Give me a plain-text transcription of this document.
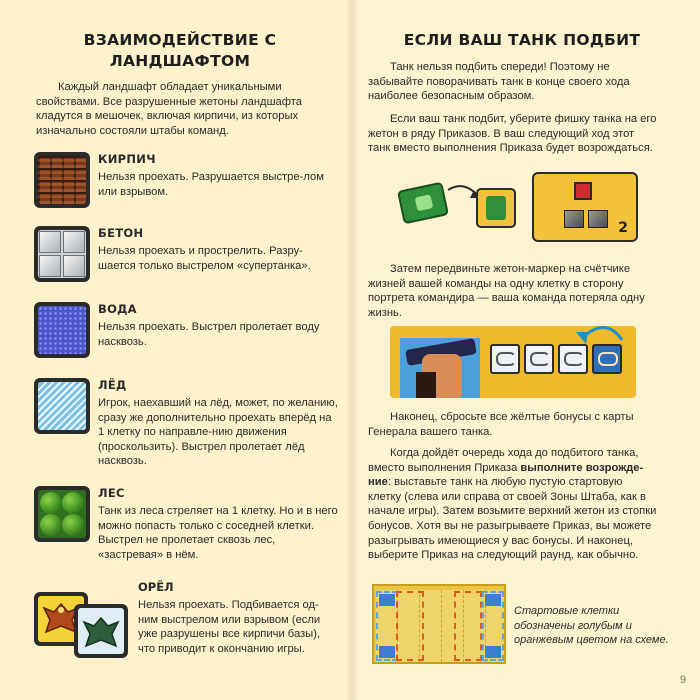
ВЗАИМОДЕЙСТВИЕ С ЛАНДШАФТОМ

Каждый ландшафт обладает уникальными свойствами. Все разрушенные жетоны ландшафта кладутся в мешочек, включая кирпичи, из которых изначально состояли штабы команд.

КИРПИЧ
Нельзя проехать. Разрушается выстре-лом или взрывом.
БЕТОН
Нельзя проехать и прострелить. Разру-шается только выстрелом «супертанка».
ВОДА
Нельзя проехать. Выстрел пролетает воду насквозь.
ЛЁД
Игрок, наехавший на лёд, может, по желанию, сразу же дополнительно проехать вперёд на 1 клетку по направле-нию движения (проскользить). Выстрел пролетает лёд насквозь.
ЛЕС
Танк из леса стреляет на 1 клетку. Но и в него можно попасть только с соседней клетки. Выстрел не пролетает сквозь лес, «застревая» в нём.
ОРЁЛ
Нельзя проехать. Подбивается од-ним выстрелом или взрывом (если уже разрушены все кирпичи базы), что приводит к окончанию игры.
ЕСЛИ ВАШ ТАНК ПОДБИТ

Танк нельзя подбить спереди! Поэтому не забывайте поворачивать танк в конце своего хода наиболее безопасным образом.

Если ваш танк подбит, уберите фишку танка на его жетон в ряду Приказов. В ваш следующий ход этот танк вместо выполнения Приказа будет возрождаться.

2

Затем передвиньте жетон-маркер на счётчике жизней вашей команды на одну клетку в сторону портрета командира — ваша команда потеряла одну жизнь.

Наконец, сбросьте все жёлтые бонусы с карты Генерала вашего танка.

Когда дойдёт очередь хода до подбитого танка, вместо выполнения Приказа выполните возрожде-ние: выставьте танк на любую пустую стартовую клетку (слева или справа от своей Зоны Штаба, как в начале игры). Затем возьмите верхний жетон из стопки бонусов. Хотя вы не разыгрываете Приказ, вы можете разыгрывать имеющиеся у вас бонусы. И наконец, выберите Приказ на следующий раунд, как обычно.

Стартовые клетки обозначены голубым и оранжевым цветом на схеме.
9
